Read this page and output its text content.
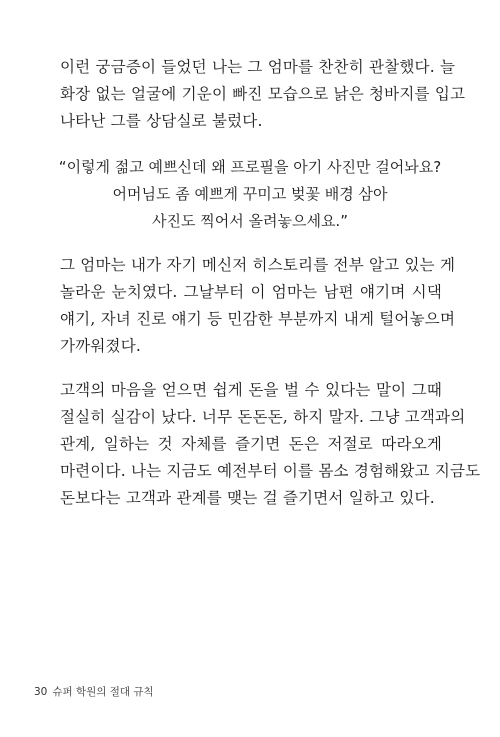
이런 궁금증이 들었던 나는 그 엄마를 찬찬히 관찰했다. 늘
화장 없는 얼굴에 기운이 빠진 모습으로 낡은 청바지를 입고
나타난 그를 상담실로 불렀다.
“이렇게 젊고 예쁘신데 왜 프로필을 아기 사진만 걸어놔요?
어머님도 좀 예쁘게 꾸미고 벚꽃 배경 삼아
사진도 찍어서 올려놓으세요.”
그 엄마는 내가 자기 메신저 히스토리를 전부 알고 있는 게
놀라운 눈치였다. 그날부터 이 엄마는 남편 얘기며 시댁
얘기, 자녀 진로 얘기 등 민감한 부분까지 내게 털어놓으며
가까워졌다.
고객의 마음을 얻으면 쉽게 돈을 벌 수 있다는 말이 그때
절실히 실감이 났다. 너무 돈돈돈, 하지 말자. 그냥 고객과의
관계, 일하는 것 자체를 즐기면 돈은 저절로 따라오게
마련이다. 나는 지금도 예전부터 이를 몸소 경험해왔고 지금도
돈보다는 고객과 관계를 맺는 걸 즐기면서 일하고 있다.
30 슈퍼 학원의 절대 규칙
